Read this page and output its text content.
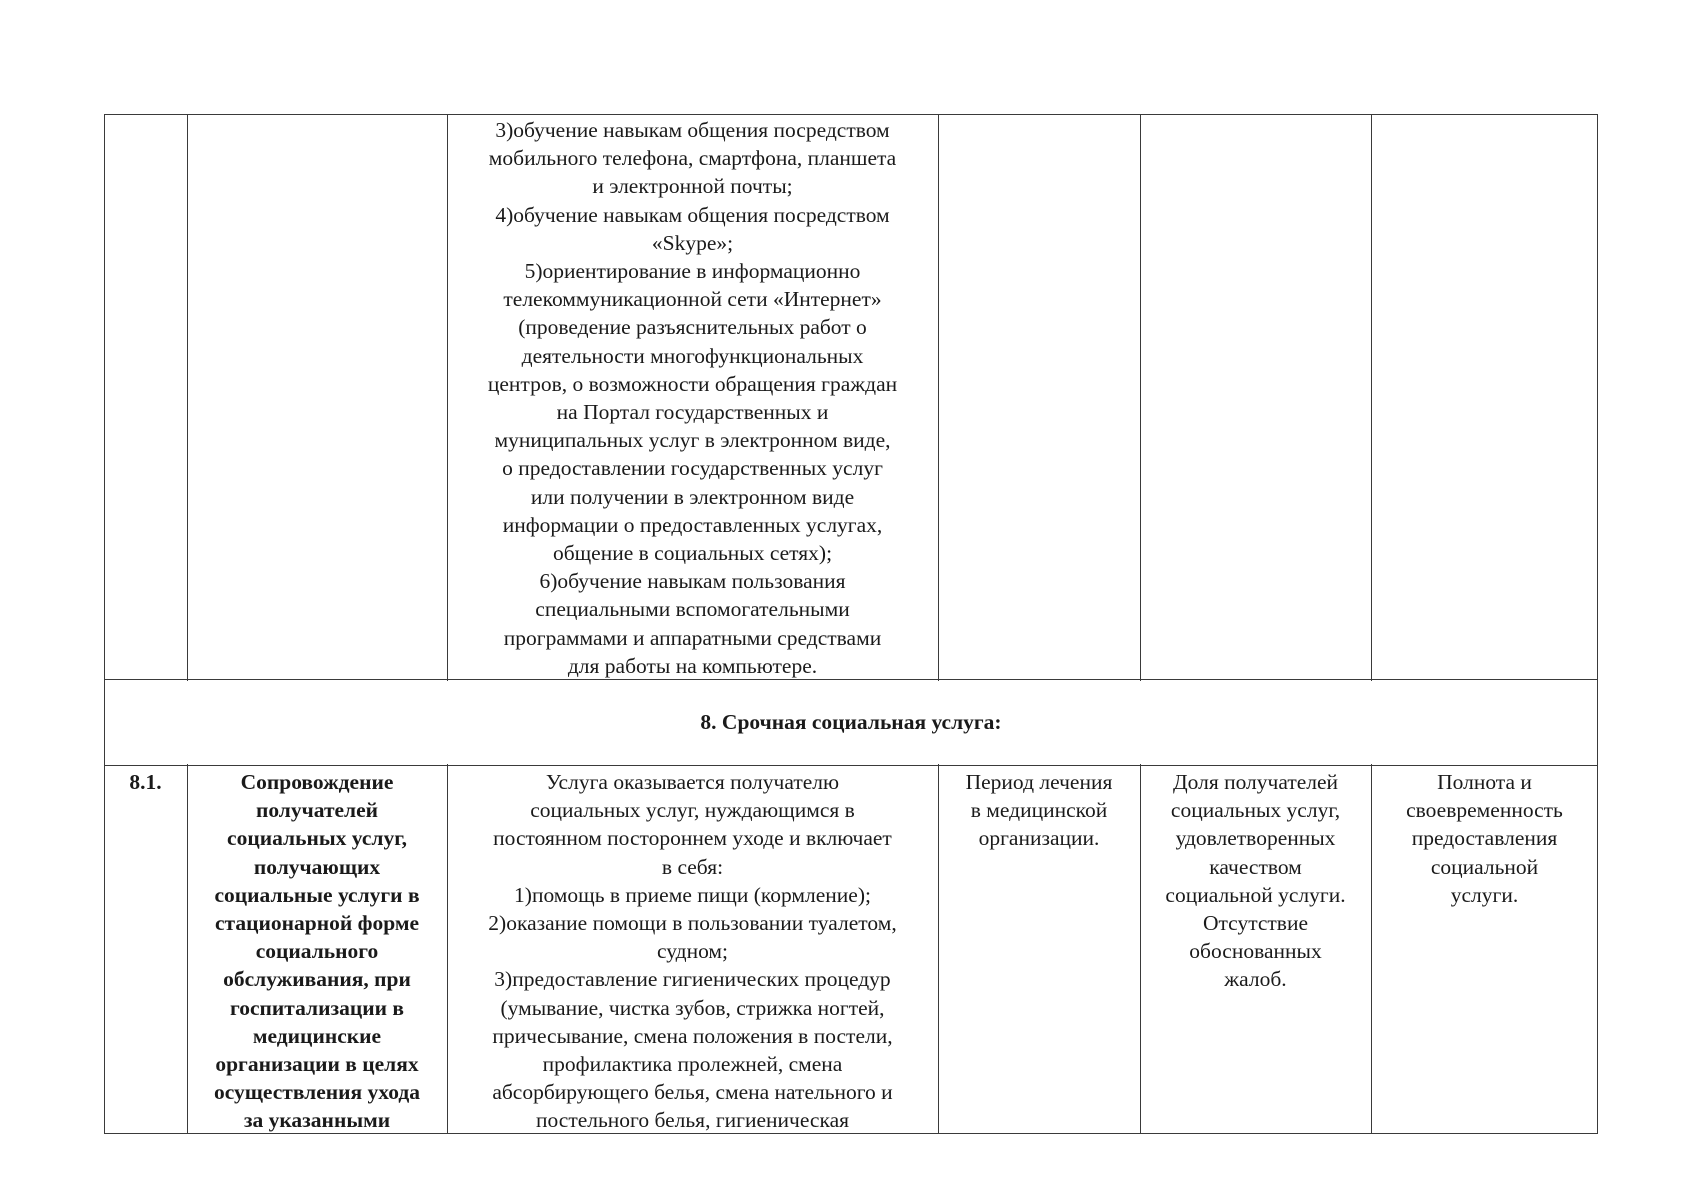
3)обучение навыкам общения посредством
мобильного телефона, смартфона, планшета
и электронной почты;
4)обучение навыкам общения посредством
«Skype»;
5)ориентирование в информационно
телекоммуникационной сети «Интернет»
(проведение разъяснительных работ о
деятельности многофункциональных
центров, о возможности обращения граждан
на Портал государственных и
муниципальных услуг в электронном виде,
о предоставлении государственных услуг
или получении в электронном виде
информации о предоставленных услугах,
общение в социальных сетях);
6)обучение навыкам пользования
специальными вспомогательными
программами и аппаратными средствами
для работы на компьютере.
8. Срочная социальная услуга:
8.1.	Сопровождение
получателей
социальных услуг,
получающих
социальные услуги в
стационарной форме
социального
обслуживания, при
госпитализации в
медицинские
организации в целях
осуществления ухода
за указанными
Услуга оказывается получателю
социальных услуг, нуждающимся в
постоянном постороннем уходе и включает
в себя:
1)помощь в приеме пищи (кормление);
2)оказание помощи в пользовании туалетом,
судном;
3)предоставление гигиенических процедур
(умывание, чистка зубов, стрижка ногтей,
причесывание, смена положения в постели,
профилактика пролежней, смена
абсорбирующего белья, смена нательного и
постельного белья, гигиеническая
Период лечения
в медицинской
организации.
Доля получателей
социальных услуг,
удовлетворенных
качеством
социальной услуги.
Отсутствие
обоснованных
жалоб.
Полнота и
своевременность
предоставления
социальной
услуги.
